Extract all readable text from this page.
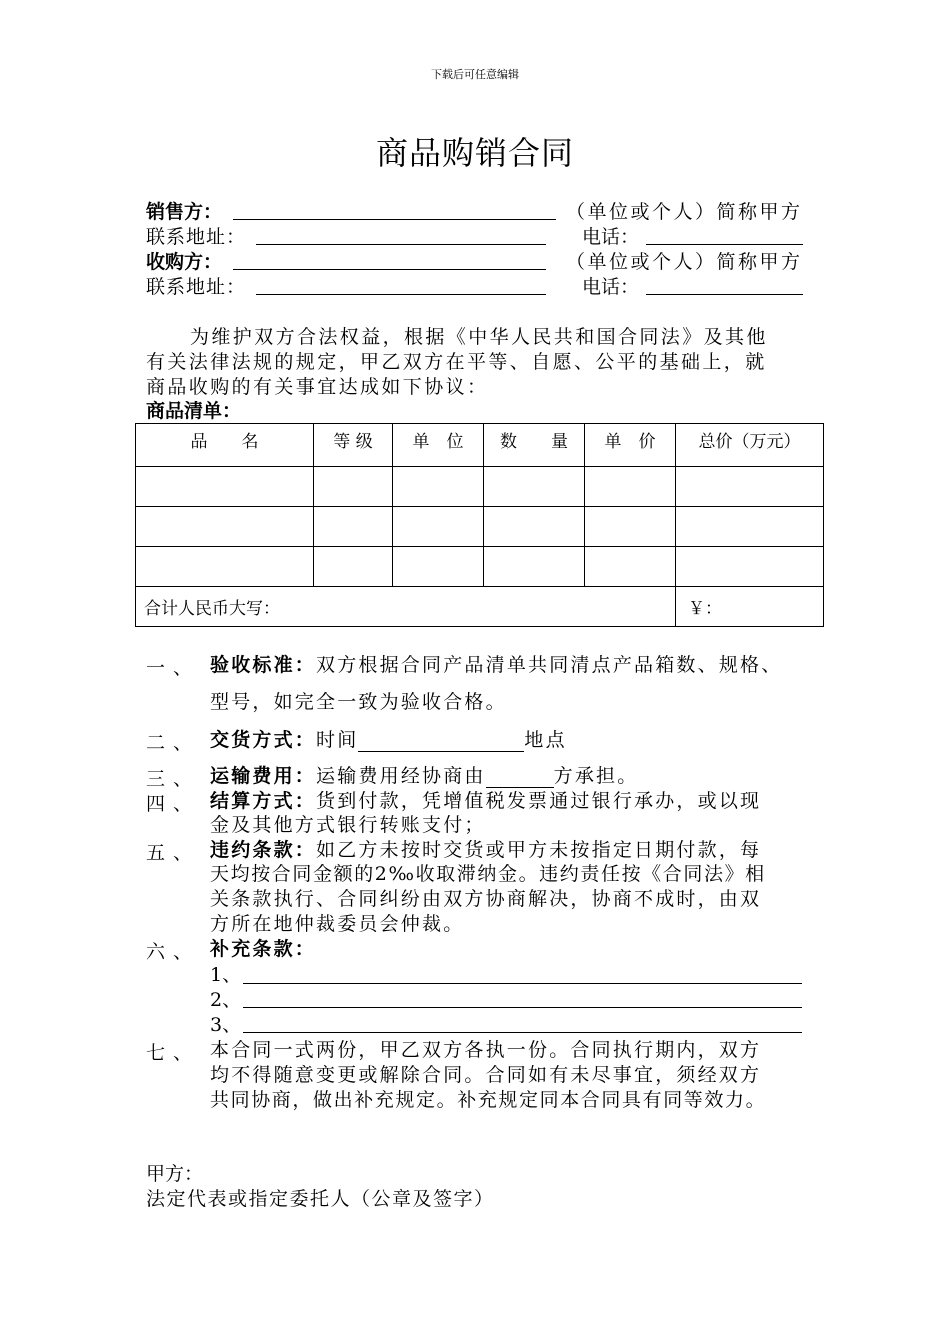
下载后可任意编辑
商品购销合同
销售方：	（单位或个人）简称甲方
联系地址：	电话：
收购方：	（单位或个人）简称甲方
联系地址：	电话：
为维护双方合法权益，根据《中华人民共和国合同法》及其他
有关法律法规的规定，甲乙双方在平等、自愿、公平的基础上，就
商品收购的有关事宜达成如下协议：
商品清单：
品　　名	等 级	单　位	数　　量	单　价	总价（万元）

合计人民币大写：					￥：
一、 验收标准：双方根据合同产品清单共同清点产品箱数、规格、
型号，如完全一致为验收合格。
二、 交货方式：时间	地点
三、 运输费用：运输费用经协商由	方承担。
四、 结算方式：货到付款，凭增值税发票通过银行承办，或以现
金及其他方式银行转账支付；
五、 违约条款：如乙方未按时交货或甲方未按指定日期付款，每
天均按合同金额的2‰收取滞纳金。违约责任按《合同法》相
关条款执行、合同纠纷由双方协商解决，协商不成时，由双
方所在地仲裁委员会仲裁。
六、 补充条款：
1、
2、
3、
七、 本合同一式两份，甲乙双方各执一份。合同执行期内，双方
均不得随意变更或解除合同。合同如有未尽事宜，须经双方
共同协商，做出补充规定。补充规定同本合同具有同等效力。
甲方：
法定代表或指定委托人（公章及签字）
